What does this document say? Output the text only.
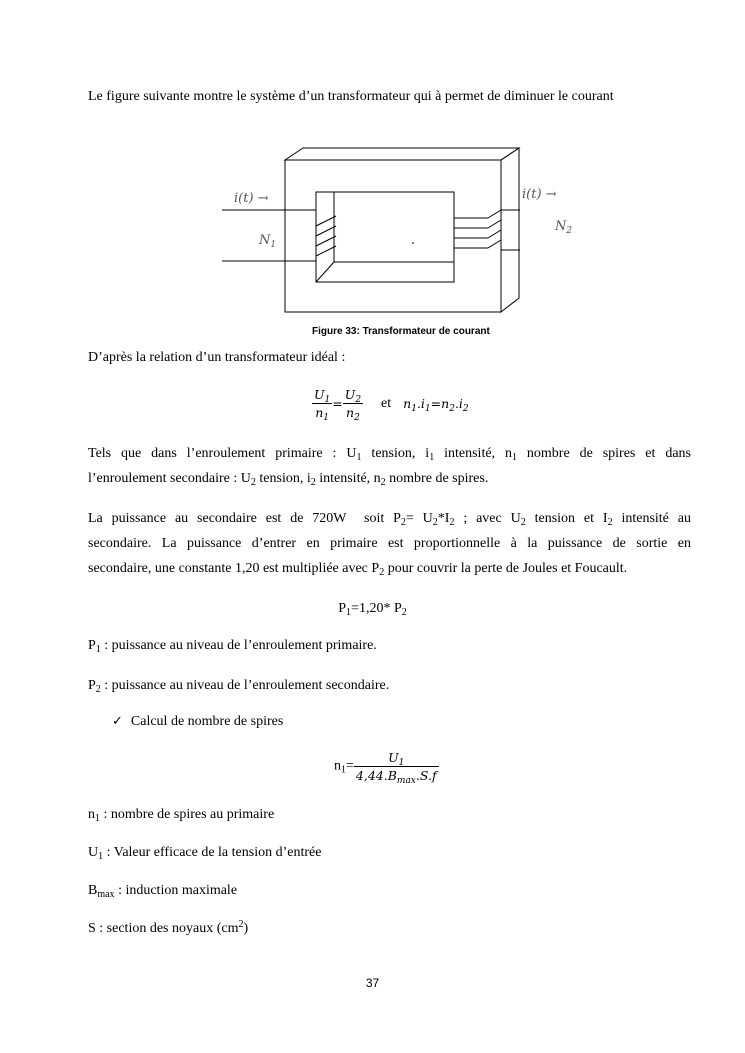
Le figure suivante montre le système d’un transformateur qui à permet de diminuer le courant
i(t) →	i(t) →
$N_1$
$N_2$
Figure 33: Transformateur de courant
D’après la relation d’un transformateur idéal :
$\frac{U_1}{n_1} = \frac{U_2}{n_2}$ et $n_1.i_1=n_2.i_2$
Tels que dans l’enroulement primaire : $U_1$ tension, $i_1$ intensité, $n_1$ nombre de spires et dans
l’enroulement secondaire : $U_2$ tension, $i_2$ intensité, $n_2$ nombre de spires.
La puissance au secondaire est de 720W  soit $P_2= U_2*I_2$ ; avec $U_2$ tension et $I_2$ intensité au
secondaire. La puissance d’entrer en primaire est proportionnelle à la puissance de sortie en
secondaire, une constante 1,20 est multipliée avec $P_2$ pour couvrir la perte de Joules et Foucault.
$P_1=1,20*$ $P_2$
$P_1$ : puissance au niveau de l’enroulement primaire.
$P_2$ : puissance au niveau de l’enroulement secondaire.
✓ Calcul de nombre de spires
$n_1= \frac{U_1}{4,44.B_{max}.S.f}$
$n_1$ : nombre de spires au primaire
$U_1$ : Valeur efficace de la tension d’entrée
$B_{max}$ : induction maximale
S : section des noyaux $(cm^2)$
37
